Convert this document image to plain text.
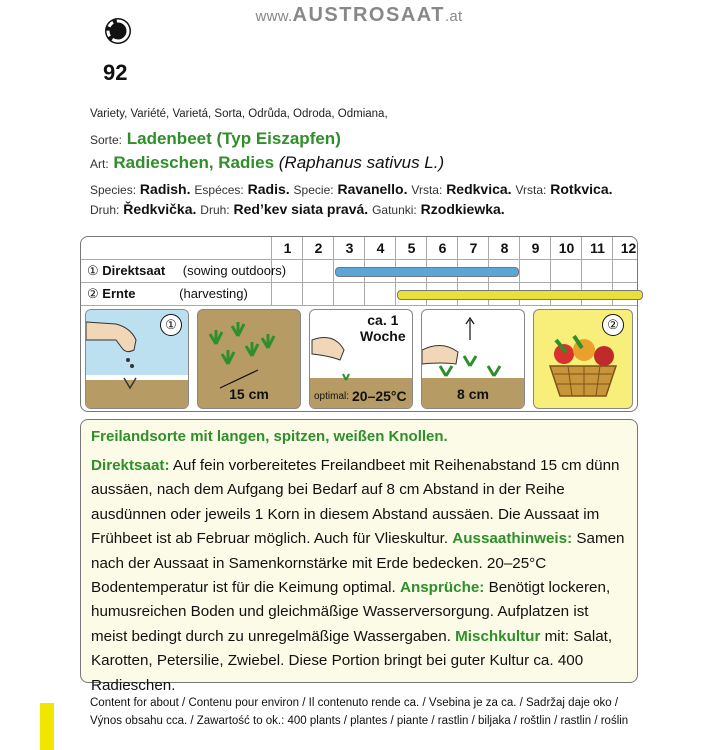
www.AUSTROSAAT.at
92
Variety, Variété, Varietá, Sorta, Odrůda, Odroda, Odmiana,
Sorte: Ladenbeet (Typ Eiszapfen)
Art: Radieschen, Radies (Raphanus sativus L.)
Species: Radish. Espéces: Radis. Specie: Ravanello. Vrsta: Redkvica. Vrsta: Rotkvica.
Druh: Ředkvička. Druh: Red’kev siata pravá. Gatunki: Rzodkiewka.
1	2	3	4	5	6	7	8	9	10	11	12
① Direktsaat (sowing outdoors)
② Ernte	(harvesting)
①
15 cm
ca. 1
Woche
optimal: 20–25°C	8 cm
②
Freilandsorte mit langen, spitzen, weißen Knollen.
Direktsaat: Auf fein vorbereitetes Freilandbeet mit Reihenabstand 15 cm dünn aussäen, nach dem Aufgang bei Bedarf auf 8 cm Abstand in der Reihe ausdünnen oder jeweils 1 Korn in diesem Abstand aussäen. Die Aussaat im Frühbeet ist ab Februar möglich. Auch für Vlieskultur. Aussaathinweis: Samen nach der Aussaat in Samenkornstärke mit Erde bedecken. 20–25°C Bodentemperatur ist für die Keimung optimal. Ansprüche: Benötigt lockeren, humusreichen Boden und gleichmäßige Wasserversorgung. Aufplatzen ist meist bedingt durch zu unregelmäßige Wassergaben. Mischkultur mit: Salat, Karotten, Petersilie, Zwiebel. Diese Portion bringt bei guter Kultur ca. 400 Radieschen.
Content for about / Contenu pour environ / Il contenuto rende ca. / Vsebina je za ca. / Sadržaj daje oko /
Výnos obsahu cca. / Zawartość to ok.: 400 plants / plantes / piante / rastlin / biljaka / roštlin / rastlin / roślin
